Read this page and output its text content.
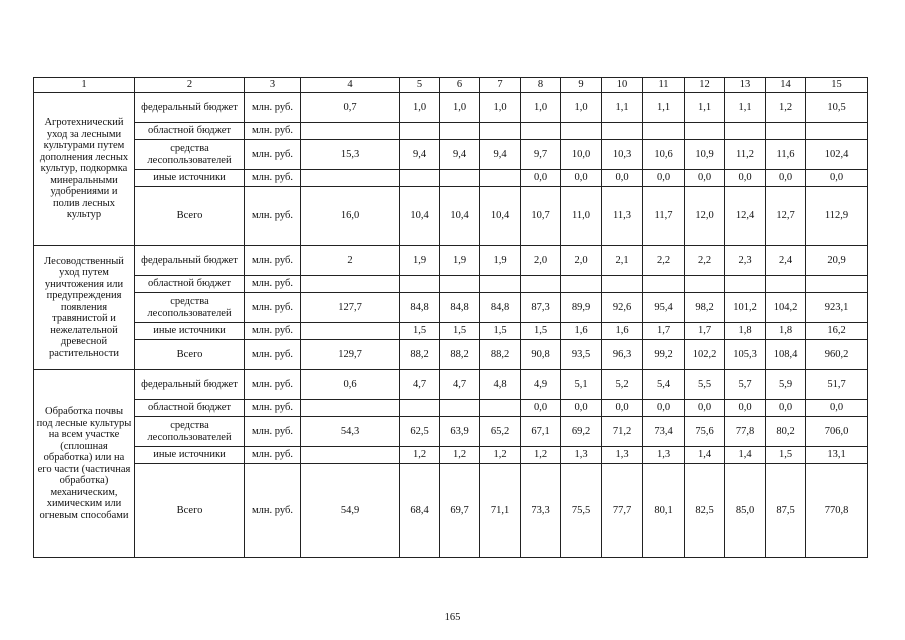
1	2	3	4	5	6	7	8	9	10	11	12	13	14	15
Агротехнический уход за лесными культурами путем дополнения лесных культур, подкормка минеральными удобрениями и полив лесных культур	федеральный бюджет	млн. руб.	0,7	1,0	1,0	1,0	1,0	1,0	1,1	1,1	1,1	1,1	1,2	10,5
	областной бюджет	млн. руб.												
	средства лесопользователей	млн. руб.	15,3	9,4	9,4	9,4	9,7	10,0	10,3	10,6	10,9	11,2	11,6	102,4
	иные источники	млн. руб.					0,0	0,0	0,0	0,0	0,0	0,0	0,0	0,0
	Всего	млн. руб.	16,0	10,4	10,4	10,4	10,7	11,0	11,3	11,7	12,0	12,4	12,7	112,9
Лесоводственный уход путем уничтожения или предупреждения появления травянистой и нежелательной древесной растительности	федеральный бюджет	млн. руб.	2	1,9	1,9	1,9	2,0	2,0	2,1	2,2	2,2	2,3	2,4	20,9
	областной бюджет	млн. руб.												
	средства лесопользователей	млн. руб.	127,7	84,8	84,8	84,8	87,3	89,9	92,6	95,4	98,2	101,2	104,2	923,1
	иные источники	млн. руб.		1,5	1,5	1,5	1,5	1,6	1,6	1,7	1,7	1,8	1,8	16,2
	Всего	млн. руб.	129,7	88,2	88,2	88,2	90,8	93,5	96,3	99,2	102,2	105,3	108,4	960,2
Обработка почвы под лесные культуры на всем участке (сплошная обработка) или на его части (частичная обработка) механическим, химическим или огневым способами	федеральный бюджет	млн. руб.	0,6	4,7	4,7	4,8	4,9	5,1	5,2	5,4	5,5	5,7	5,9	51,7
	областной бюджет	млн. руб.					0,0	0,0	0,0	0,0	0,0	0,0	0,0	0,0
	средства лесопользователей	млн. руб.	54,3	62,5	63,9	65,2	67,1	69,2	71,2	73,4	75,6	77,8	80,2	706,0
	иные источники	млн. руб.		1,2	1,2	1,2	1,2	1,3	1,3	1,3	1,4	1,4	1,5	13,1
	Всего	млн. руб.	54,9	68,4	69,7	71,1	73,3	75,5	77,7	80,1	82,5	85,0	87,5	770,8
165
